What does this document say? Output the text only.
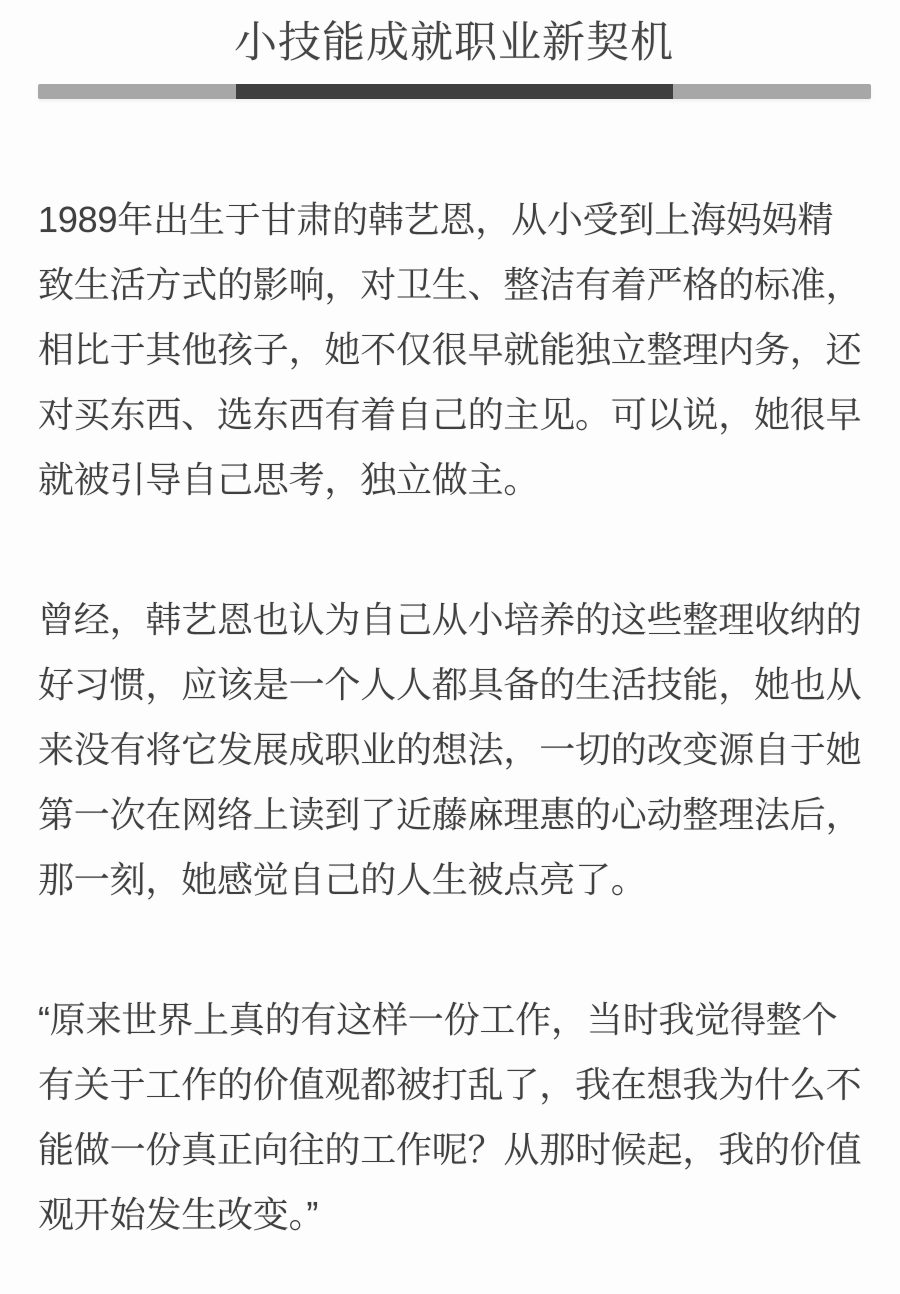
小技能成就职业新契机
1989年出生于甘肃的韩艺恩，从小受到上海妈妈精
致生活方式的影响，对卫生、整洁有着严格的标准，
相比于其他孩子，她不仅很早就能独立整理内务，还
对买东西、选东西有着自己的主见。可以说，她很早
就被引导自己思考，独立做主。
曾经，韩艺恩也认为自己从小培养的这些整理收纳的
好习惯，应该是一个人人都具备的生活技能，她也从
来没有将它发展成职业的想法，一切的改变源自于她
第一次在网络上读到了近藤麻理惠的心动整理法后，
那一刻，她感觉自己的人生被点亮了。
“原来世界上真的有这样一份工作，当时我觉得整个
有关于工作的价值观都被打乱了，我在想我为什么不
能做一份真正向往的工作呢？从那时候起，我的价值
观开始发生改变。”
